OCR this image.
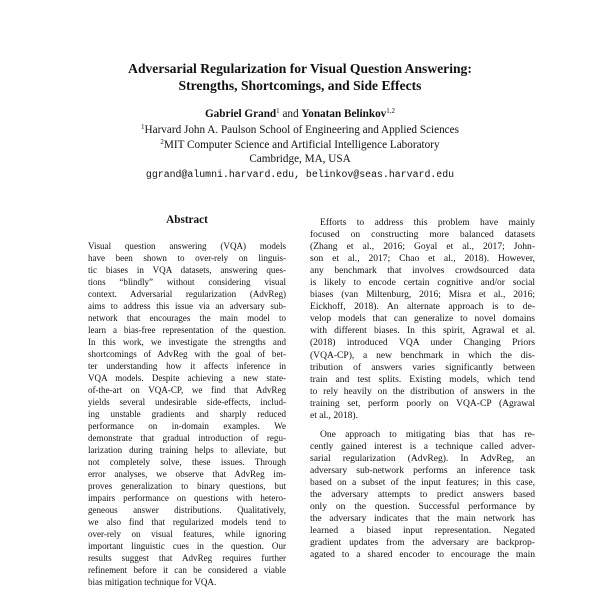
Adversarial Regularization for Visual Question Answering:
Strengths, Shortcomings, and Side Effects
Gabriel Grand$^1$ and Yonatan Belinkov$^{1,2}$
$^1$Harvard John A. Paulson School of Engineering and Applied Sciences
$^2$MIT Computer Science and Artificial Intelligence Laboratory
Cambridge, MA, USA
ggrand@alumni.harvard.edu, belinkov@seas.harvard.edu
Abstract
Visual question answering (VQA) models
have been shown to over-rely on linguis-
tic biases in VQA datasets, answering ques-
tions “blindly” without considering visual
context. Adversarial regularization (AdvReg)
aims to address this issue via an adversary sub-
network that encourages the main model to
learn a bias-free representation of the question.
In this work, we investigate the strengths and
shortcomings of AdvReg with the goal of bet-
ter understanding how it affects inference in
VQA models. Despite achieving a new state-
of-the-art on VQA-CP, we find that AdvReg
yields several undesirable side-effects, includ-
ing unstable gradients and sharply reduced
performance on in-domain examples. We
demonstrate that gradual introduction of regu-
larization during training helps to alleviate, but
not completely solve, these issues. Through
error analyses, we observe that AdvReg im-
proves generalization to binary questions, but
impairs performance on questions with hetero-
geneous answer distributions. Qualitatively,
we also find that regularized models tend to
over-rely on visual features, while ignoring
important linguistic cues in the question. Our
results suggest that AdvReg requires further
refinement before it can be considered a viable
bias mitigation technique for VQA.
Efforts to address this problem have mainly
focused on constructing more balanced datasets
(Zhang et al., 2016; Goyal et al., 2017; John-
son et al., 2017; Chao et al., 2018). However,
any benchmark that involves crowdsourced data
is likely to encode certain cognitive and/or social
biases (van Miltenburg, 2016; Misra et al., 2016;
Eickhoff, 2018). An alternate approach is to de-
velop models that can generalize to novel domains
with different biases. In this spirit, Agrawal et al.
(2018) introduced VQA under Changing Priors
(VQA-CP), a new benchmark in which the dis-
tribution of answers varies significantly between
train and test splits. Existing models, which tend
to rely heavily on the distribution of answers in the
training set, perform poorly on VQA-CP (Agrawal
et al., 2018).
One approach to mitigating bias that has re-
cently gained interest is a technique called adver-
sarial regularization (AdvReg). In AdvReg, an
adversary sub-network performs an inference task
based on a subset of the input features; in this case,
the adversary attempts to predict answers based
only on the question. Successful performance by
the adversary indicates that the main network has
learned a biased input representation. Negated
gradient updates from the adversary are backprop-
agated to a shared encoder to encourage the main
